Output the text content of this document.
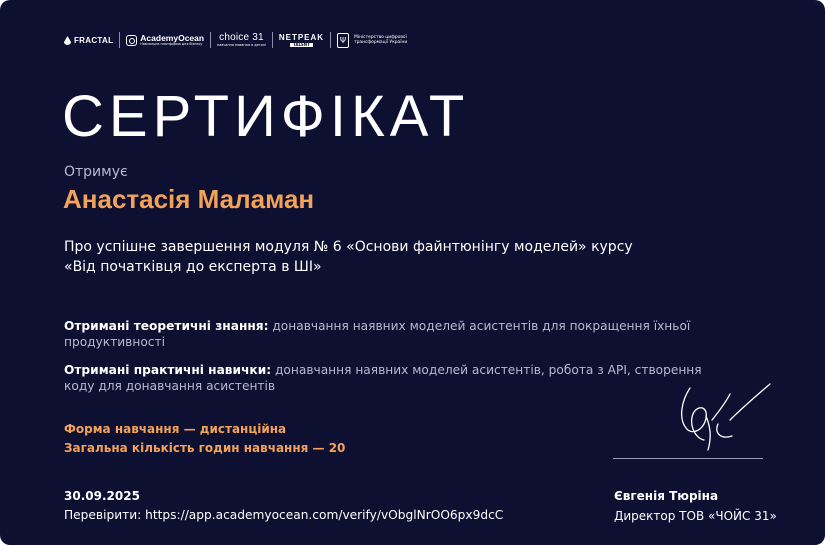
FRACTAL	AcademyOcean
Навчальна платформа для бізнесу
choice 31
навчання повагою в деталі
NETPEAK
TALENT	Ψ	Міністерство цифрової трансформації України
СЕРТИФІКАТ
Отримує
Анастасія Маламан
Про успішне завершення модуля № 6 «Основи файнтюнінгу моделей» курсу
«Від початківця до експерта в ШІ»
Отримані теоретичні знання: донавчання наявних моделей асистентів для покращення їхньої продуктивності
Отримані практичні навички: донавчання наявних моделей асистентів, робота з API, створення коду для донавчання асистентів
Форма навчання — дистанційна
Загальна кількість годин навчання — 20
30.09.2025
Перевірити: https://app.academyocean.com/verify/vObglNrOO6px9dcC
Євгенія Тюріна
Директор ТОВ «ЧОЙС 31»
